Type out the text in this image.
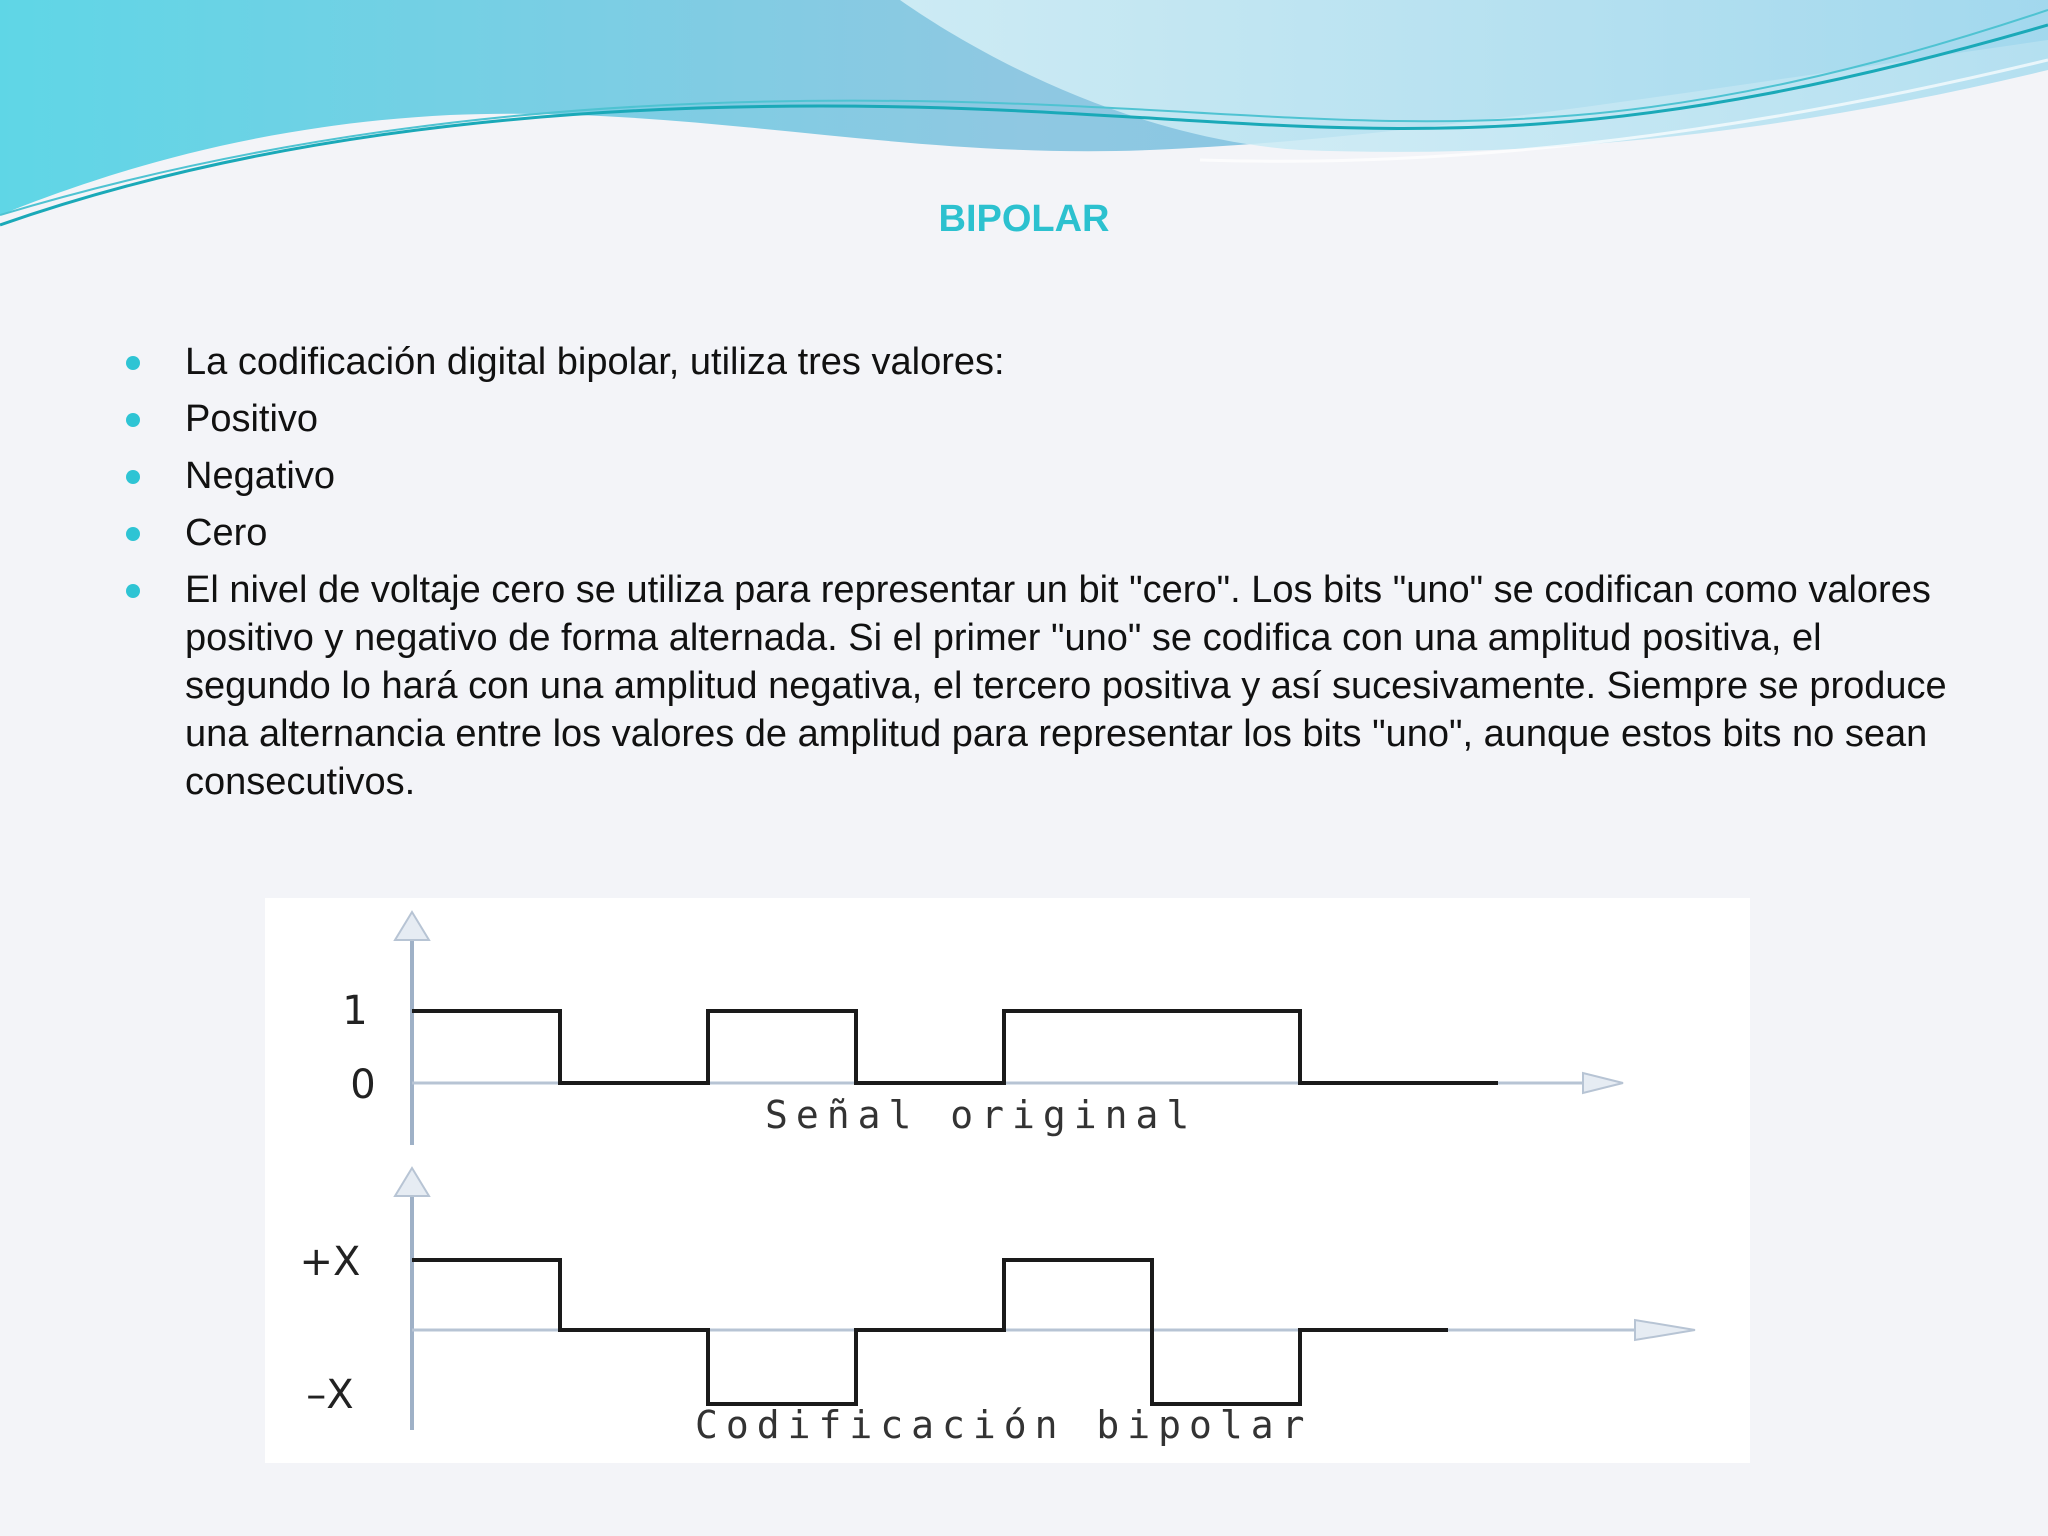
BIPOLAR
La codificación digital bipolar, utiliza tres valores:
Positivo
Negativo
Cero
El nivel de voltaje cero se utiliza para representar un bit "cero". Los bits "uno" se codifican como valores positivo y negativo de forma alternada. Si el primer "uno" se codifica con una amplitud positiva, el segundo lo hará con una amplitud negativa, el tercero positiva y así sucesivamente. Siempre se produce una alternancia entre los valores de amplitud para representar los bits "uno", aunque estos bits no sean consecutivos.
1
0
Señal original
+X
–X
Codificación bipolar
